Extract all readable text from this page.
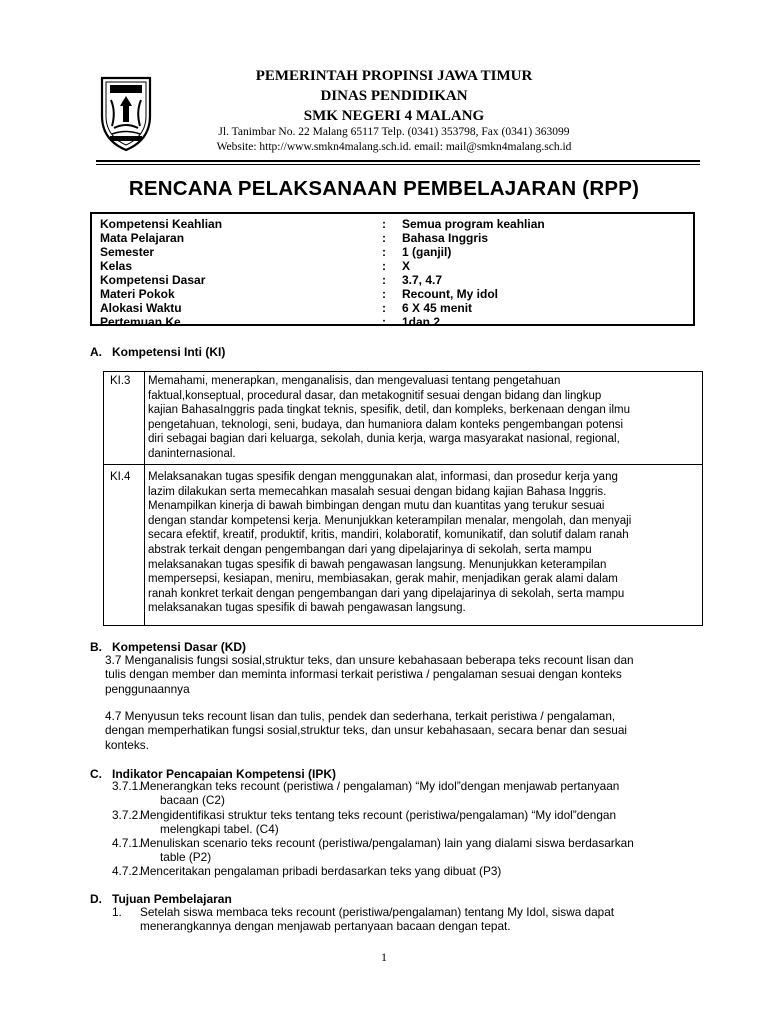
PEMERINTAH PROPINSI JAWA TIMUR
DINAS PENDIDIKAN
SMK NEGERI 4 MALANG
Jl. Tanimbar No. 22 Malang 65117 Telp. (0341) 353798, Fax (0341) 363099
Website: http://www.smkn4malang.sch.id. email: mail@smkn4malang.sch.id
RENCANA PELAKSANAAN PEMBELAJARAN (RPP)
Kompetensi Keahlian	: Semua program keahlian
Mata Pelajaran	: Bahasa Inggris
Semester	: 1 (ganjil)
Kelas	: X
Kompetensi Dasar	: 3.7, 4.7
Materi Pokok	: Recount, My idol
Alokasi Waktu	: 6 X 45 menit
Pertemuan Ke	: 1dan 2
A. Kompetensi Inti (KI)
KI.3 Memahami, menerapkan, menganalisis, dan mengevaluasi tentang pengetahuan

faktual,konseptual, procedural dasar, dan metakognitif sesuai dengan bidang dan lingkup

kajian BahasaInggris pada tingkat teknis, spesifik, detil, dan kompleks, berkenaan dengan ilmu

pengetahuan, teknologi, seni, budaya, dan humaniora dalam konteks pengembangan potensi

diri sebagai bagian dari keluarga, sekolah, dunia kerja, warga masyarakat nasional, regional,

daninternasional.

KI.4 Melaksanakan tugas spesifik dengan menggunakan alat, informasi, dan prosedur kerja yang

lazim dilakukan serta memecahkan masalah sesuai dengan bidang kajian Bahasa Inggris.

Menampilkan kinerja di bawah bimbingan dengan mutu dan kuantitas yang terukur sesuai

dengan standar kompetensi kerja. Menunjukkan keterampilan menalar, mengolah, dan menyaji

secara efektif, kreatif, produktif, kritis, mandiri, kolaboratif, komunikatif, dan solutif dalam ranah

abstrak terkait dengan pengembangan dari yang dipelajarinya di sekolah, serta mampu

melaksanakan tugas spesifik di bawah pengawasan langsung. Menunjukkan keterampilan

mempersepsi, kesiapan, meniru, membiasakan, gerak mahir, menjadikan gerak alami dalam

ranah konkret terkait dengan pengembangan dari yang dipelajarinya di sekolah, serta mampu

melaksanakan tugas spesifik di bawah pengawasan langsung.

B. Kompetensi Dasar (KD)

3.7 Menganalisis fungsi sosial,struktur teks, dan unsure kebahasaan beberapa teks recount lisan dan

tulis dengan member dan meminta informasi terkait peristiwa / pengalaman sesuai dengan konteks

penggunaannya

4.7 Menyusun teks recount lisan dan tulis, pendek dan sederhana, terkait peristiwa / pengalaman,

dengan memperhatikan fungsi sosial,struktur teks, dan unsur kebahasaan, secara benar dan sesuai

konteks.

C. Indikator Pencapaian Kompetensi (IPK)
3.7.1.

Menerangkan teks recount (peristiwa / pengalaman) “My idol”dengan menjawab pertanyaan

bacaan (C2)

3.7.2.

Mengidentifikasi struktur teks tentang teks recount (peristiwa/pengalaman) “My idol”dengan

melengkapi tabel. (C4)

4.7.1.

Menuliskan scenario teks recount (peristiwa/pengalaman) lain yang dialami siswa berdasarkan

table (P2)

4.7.2.

Menceritakan pengalaman pribadi berdasarkan teks yang dibuat (P3)

D. Tujuan Pembelajaran
1. Setelah siswa membaca teks recount (peristiwa/pengalaman) tentang My Idol, siswa dapat

menerangkannya dengan menjawab pertanyaan bacaan dengan tepat.

1
